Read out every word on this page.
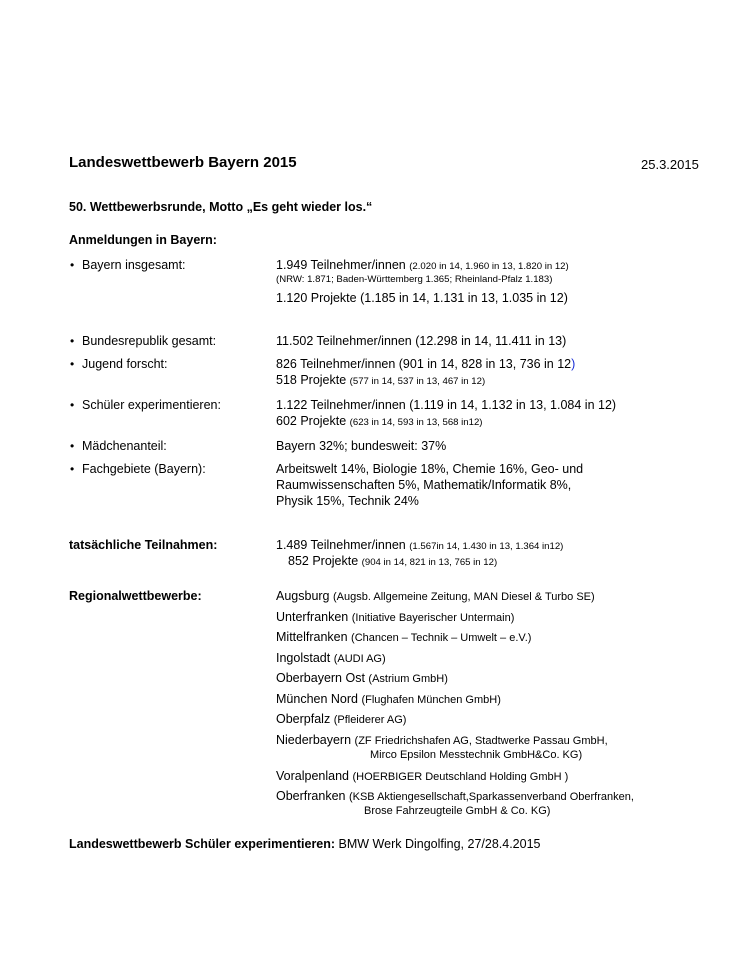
Landeswettbewerb Bayern 2015	25.3.2015
50. Wettbewerbsrunde, Motto „Es geht wieder los.“
Anmeldungen in Bayern:
• Bayern insgesamt:	1.949 Teilnehmer/innen (2.020 in 14, 1.960 in 13, 1.820 in 12)
(NRW: 1.871; Baden-Württemberg 1.365; Rheinland-Pfalz 1.183)
1.120 Projekte (1.185 in 14, 1.131 in 13, 1.035 in 12)
• Bundesrepublik gesamt:	11.502 Teilnehmer/innen (12.298 in 14, 11.411 in 13)
• Jugend forscht:	826 Teilnehmer/innen (901 in 14, 828 in 13, 736 in 12)
518 Projekte (577 in 14, 537 in 13, 467 in 12)
• Schüler experimentieren:	1.122 Teilnehmer/innen (1.119 in 14, 1.132 in 13, 1.084 in 12)
602 Projekte (623 in 14, 593 in 13, 568 in12)
• Mädchenanteil:	Bayern 32%; bundesweit: 37%
• Fachgebiete (Bayern):	Arbeitswelt 14%, Biologie 18%, Chemie 16%, Geo- und
Raumwissenschaften 5%, Mathematik/Informatik 8%,
Physik 15%, Technik 24%
tatsächliche Teilnahmen:	1.489 Teilnehmer/innen (1.567in 14, 1.430 in 13, 1.364 in12)
852 Projekte (904 in 14, 821 in 13, 765 in 12)
Regionalwettbewerbe:	Augsburg (Augsb. Allgemeine Zeitung, MAN Diesel & Turbo SE)
Unterfranken (Initiative Bayerischer Untermain)
Mittelfranken (Chancen – Technik – Umwelt – e.V.)
Ingolstadt (AUDI AG)
Oberbayern Ost (Astrium GmbH)
München Nord (Flughafen München GmbH)
Oberpfalz (Pfleiderer AG)
Niederbayern (ZF Friedrichshafen AG, Stadtwerke Passau GmbH,
Mirco Epsilon Messtechnik GmbH&Co. KG)
Voralpenland (HOERBIGER Deutschland Holding GmbH )
Oberfranken (KSB Aktiengesellschaft,Sparkassenverband Oberfranken,
Brose Fahrzeugteile GmbH & Co. KG)
Landeswettbewerb Schüler experimentieren: BMW Werk Dingolfing, 27/28.4.2015
